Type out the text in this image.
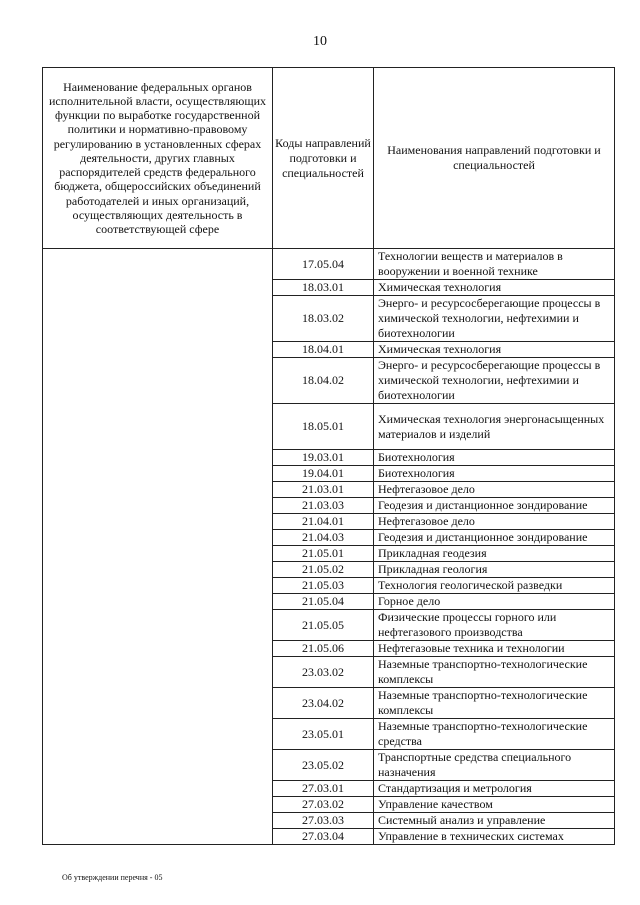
10
Наименование федеральных органов исполнительной власти, осуществляющих функции по выработке государственной политики и нормативно-правовому регулированию в установленных сферах деятельности, других главных распорядителей средств федерального бюджета, общероссийских объединений работодателей и иных организаций, осуществляющих деятельность в соответствующей сфере	Коды направлений подготовки и специальностей	Наименования направлений подготовки и специальностей
	17.05.04	Технологии веществ и материалов в вооружении и военной технике
	18.03.01	Химическая технология
	18.03.02	Энерго- и ресурсосберегающие процессы в химической технологии, нефтехимии и биотехнологии
	18.04.01	Химическая технология
	18.04.02	Энерго- и ресурсосберегающие процессы в химической технологии, нефтехимии и биотехнологии
	18.05.01	Химическая технология энергонасыщенных материалов и изделий
	19.03.01	Биотехнология
	19.04.01	Биотехнология
	21.03.01	Нефтегазовое дело
	21.03.03	Геодезия и дистанционное зондирование
	21.04.01	Нефтегазовое дело
	21.04.03	Геодезия и дистанционное зондирование
	21.05.01	Прикладная геодезия
	21.05.02	Прикладная геология
	21.05.03	Технология геологической разведки
	21.05.04	Горное дело
	21.05.05	Физические процессы горного или нефтегазового производства
	21.05.06	Нефтегазовые техника и технологии
	23.03.02	Наземные транспортно-технологические комплексы
	23.04.02	Наземные транспортно-технологические комплексы
	23.05.01	Наземные транспортно-технологические средства
	23.05.02	Транспортные средства специального назначения
	27.03.01	Стандартизация и метрология
	27.03.02	Управление качеством
	27.03.03	Системный анализ и управление
	27.03.04	Управление в технических системах
Об утверждении перечня - 05
